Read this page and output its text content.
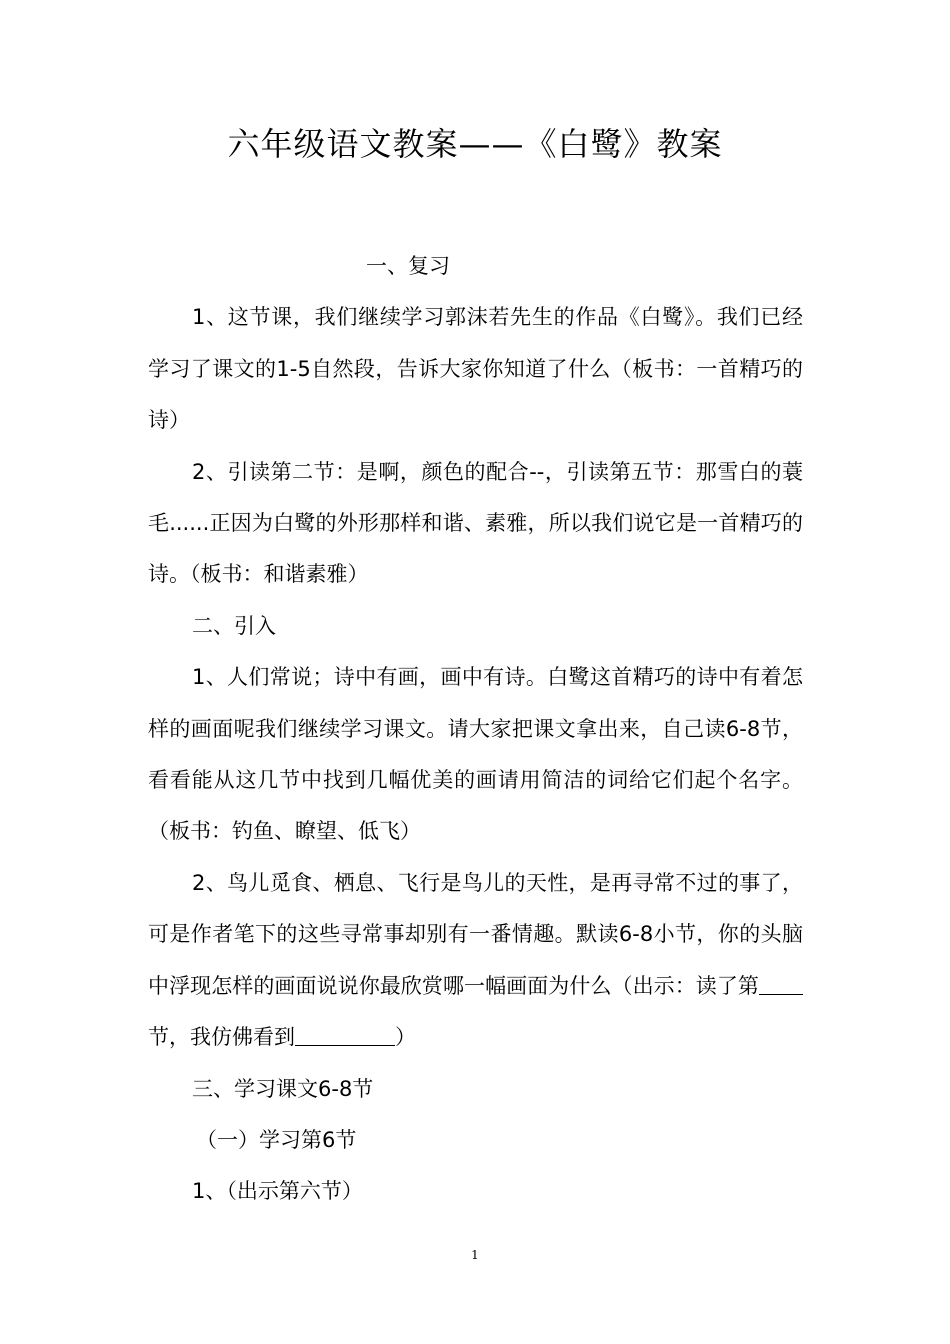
六年级语文教案——《白鹭》教案

一、复习

1、这节课，我们继续学习郭沫若先生的作品《白鹭》。我们已经学习了课文的1-5自然段，告诉大家你知道了什么（板书：一首精巧的诗）

2、引读第二节：是啊，颜色的配合--，引读第五节：那雪白的蓑毛......正因为白鹭的外形那样和谐、素雅，所以我们说它是一首精巧的诗。（板书：和谐素雅）

二、引入

1、人们常说；诗中有画，画中有诗。白鹭这首精巧的诗中有着怎样的画面呢我们继续学习课文。请大家把课文拿出来，自己读6-8节，看看能从这几节中找到几幅优美的画请用简洁的词给它们起个名字。（板书：钓鱼、瞭望、低飞）

2、鸟儿觅食、栖息、飞行是鸟儿的天性，是再寻常不过的事了，可是作者笔下的这些寻常事却别有一番情趣。默读6-8小节，你的头脑中浮现怎样的画面说说你最欣赏哪一幅画面为什么（出示：读了第节，我仿佛看到	）

三、学习课文6-8节

（一）学习第6节

1、（出示第六节）

1
